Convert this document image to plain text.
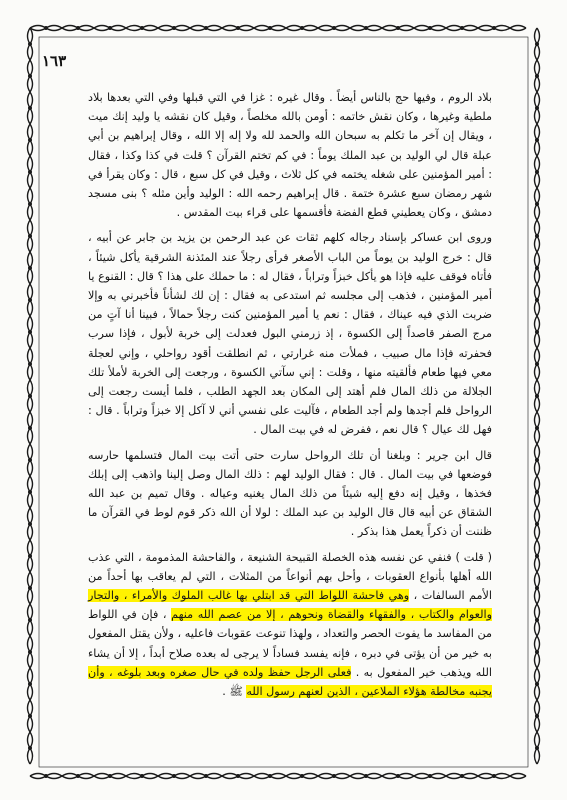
١٦٣

بلاد الروم ، وفيها حج بالناس أيضاً . وقال غيره : غزا في التي قبلها وفي التي بعدها بلاد ملطية وغيرها ، وكان نقش خاتمه : أومن بالله مخلصاً ، وقيل كان نقشه يا وليد إنك ميت ، ويقال إن آخر ما تكلم به سبحان الله والحمد لله ولا إله إلا الله ، وقال إبراهيم بن أبي عبلة قال لي الوليد بن عبد الملك يوماً : في كم تختم القرآن ؟ قلت في كذا وكذا ، فقال : أمير المؤمنين على شغله يختمه في كل ثلاث ، وقيل في كل سبع ، قال : وكان يقرأ في شهر رمضان سبع عشرة ختمة . قال إبراهيم رحمه الله : الوليد وأين مثله ؟ بنى مسجد دمشق ، وكان يعطيني قطع الفضة فأقسمها على قراء بيت المقدس .

وروى ابن عساكر بإسناد رجاله كلهم ثقات عن عبد الرحمن بن يزيد بن جابر عن أبيه ، قال : خرج الوليد بن يوماً من الباب الأصغر فرأى رجلاً عند المئذنة الشرقية يأكل شيئاً ، فأتاه فوقف عليه فإذا هو يأكل خبزاً وتراباً ، فقال له : ما حملك على هذا ؟ قال : القنوع يا أمير المؤمنين ، فذهب إلى مجلسه ثم استدعى به فقال : إن لك لشأناً فأخبرني به وإلا ضربت الذي فيه عيناك ، فقال : نعم يا أمير المؤمنين كنت رجلاً حمالاً ، فبينا أنا آتٍ من مرج الصفر قاصداً إلى الكسوة ، إذ زرمني البول فعدلت إلى خربة لأبول ، فإذا سرب فحفرته فإذا مال صبيب ، فملأت منه غرارتي ، ثم انطلقت أقود رواحلي ، وإني لعجلة معي فيها طعام فألقيته منها ، وقلت : إني سآتي الكسوة ، ورجعت إلى الخربة لأملأ تلك الجلالة من ذلك المال فلم أهتد إلى المكان بعد الجهد الطلب ، فلما أيست رجعت إلى الرواحل فلم أجدها ولم أجد الطعام ، فآليت على نفسي أني لا آكل إلا خبزاً وتراباً . قال : فهل لك عيال ؟ قال نعم ، ففرض له في بيت المال .

قال ابن جرير : وبلغنا أن تلك الرواحل سارت حتى أتت بيت المال فتسلمها حارسه فوضعها في بيت المال . قال : فقال الوليد لهم : ذلك المال وصل إلينا واذهب إلى إبلك فخذها ، وقيل إنه دفع إليه شيئاً من ذلك المال يغنيه وعياله . وقال تميم بن عبد الله الشقاق عن أبيه قال قال الوليد بن عبد الملك : لولا أن الله ذكر قوم لوط في القرآن ما ظننت أن ذكراً يعمل هذا بذكر .

( قلت ) فنفي عن نفسه هذه الخصلة القبيحة الشنيعة ، والفاحشة المذمومة ، التي عذب الله أهلها بأنواع العقوبات ، وأحل بهم أنواعاً من المثلات ، التي لم يعاقب بها أحداً من الأمم السالفات ، وهي فاحشة اللواط التي قد ابتلي بها غالب الملوك والأمراء ، والتجار والعوام والكتاب ، والفقهاء والقضاة ونحوهم ، إلا من عصم الله منهم ، فإن في اللواط من المفاسد ما يفوت الحصر والتعداد ، ولهذا تنوعت عقوبات فاعليه ، ولأن يقتل المفعول به خير من أن يؤتى في دبره ، فإنه يفسد فساداً لا يرجى له بعده صلاح أبداً ، إلا أن يشاء الله ويذهب خير المفعول به . فعلى الرجل حفظ ولده في حال صغره وبعد بلوغه ، وأن يجنبه مخالطة هؤلاء الملاعين ، الذين لعنهم رسول الله ﷺ .
